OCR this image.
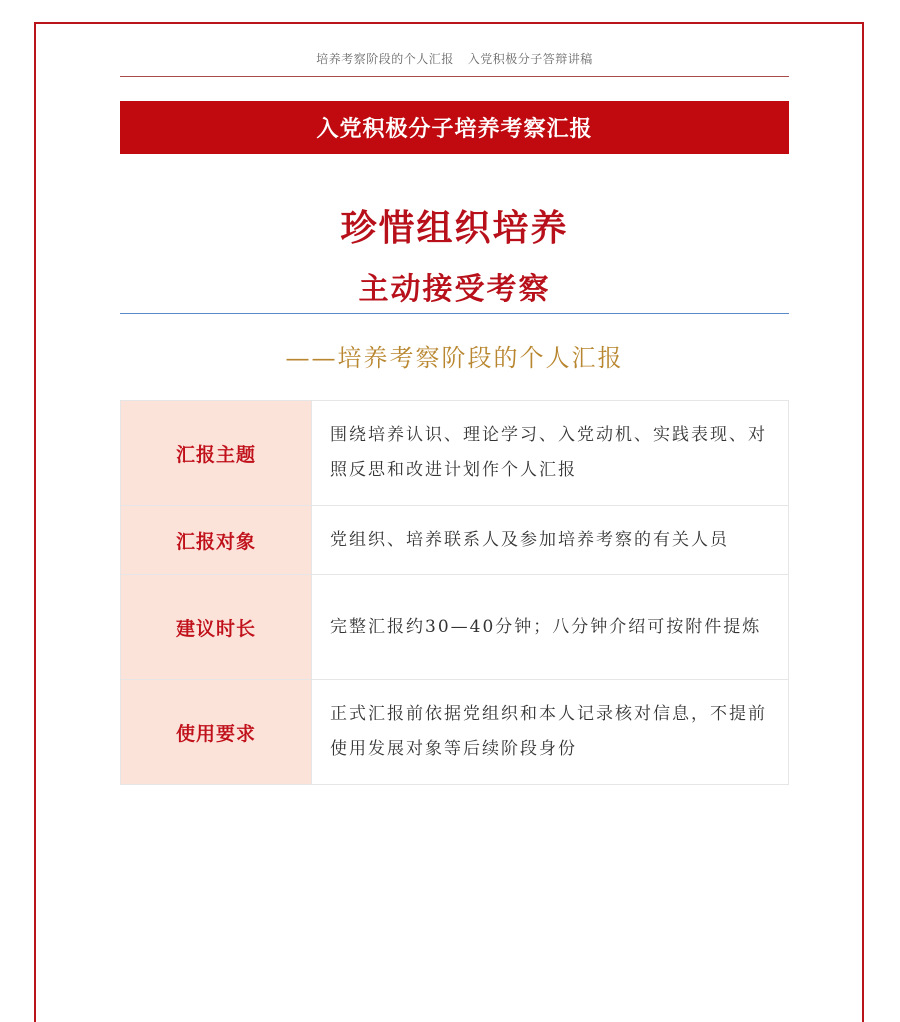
培养考察阶段的个人汇报 入党积极分子答辩讲稿
入党积极分子培养考察汇报
珍惜组织培养
主动接受考察
——培养考察阶段的个人汇报
汇报主题	围绕培养认识、理论学习、入党动机、实践表现、对照反思和改进计划作个人汇报
汇报对象	党组织、培养联系人及参加培养考察的有关人员
建议时长	完整汇报约30—40分钟；八分钟介绍可按附件提炼
使用要求	正式汇报前依据党组织和本人记录核对信息，不提前使用发展对象等后续阶段身份
